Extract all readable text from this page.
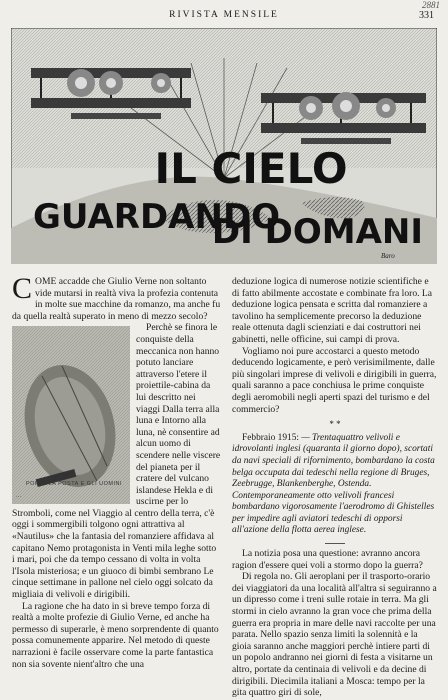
RIVISTA MENSILE	331
2881
IL CIELO
GUARDANDO
DI DOMANI
Baro

C OME accadde che Giulio Verne non soltanto vide mutarsi in realtà viva la profezia contenuta in molte sue macchine da romanzo, ma anche fu da quella realtà superato in meno di mezzo secolo?

PORTA LA POSTA E GLI UOMINI ...
Perchè se finora le conquiste della meccanica non hanno potuto lanciare attraverso l'etere il proiettile-cabina da lui descritto nei viaggi Dalla terra alla luna e Intorno alla luna, nè consentire ad alcun uomo di scendere nelle viscere del pianeta per il cratere del vulcano islandese Hekla e di uscirne per lo Stromboli, come nel Viaggio al centro della terra, c'è oggi i sommergibili tolgono ogni attrattiva al «Nautilus» che la fantasia del romanziere affidava al capitano Nemo protagonista in Venti mila leghe sotto i mari, poi che da tempo cessano di volta in volta l'Isola misteriosa; e un giuoco di bimbi sembrano Le cinque settimane in pallone nel cielo oggi solcato da migliaia di velivoli e dirigibili.

La ragione che ha dato in sì breve tempo forza di realtà a molte profezie di Giulio Verne, ed anche ha permesso di superarle, è meno sorprendente di quanto possa comunemente apparire. Nel metodo di queste narrazioni è facile osservare come la parte fantastica non sia sovente nient'altro che una

deduzione logica di numerose notizie scientifiche e di fatto abilmente accostate e combinate fra loro. La deduzione logica pensata e scritta dal romanziere a tavolino ha semplicemente precorso la deduzione reale ottenuta dagli scienziati e dai costruttori nei gabinetti, nelle officine, sui campi di prova.

Vogliamo noi pure accostarci a questo metodo deducendo logicamente, e però verisimilmente, dalle più singolari imprese di velivoli e dirigibili in guerra, quali saranno a pace conchiusa le prime conquiste degli aeromobili negli aperti spazi del turismo e del commercio?

* *

Febbraio 1915: — Trentaquattro velivoli e idrovolanti inglesi (quaranta il giorno dopo), scortati da navi speciali di rifornimento, bombardano la costa belga occupata dai tedeschi nella regione di Bruges, Zeebrugge, Blankenberghe, Ostenda. Contemporaneamente otto velivoli francesi bombardano vigorosamente l'aerodromo di Ghistelles per impedire agli aviatori tedeschi di opporsi all'azione della flotta aerea inglese.

La notizia posa una questione: avranno ancora ragion d'essere quei voli a stormo dopo la guerra?

Di regola no. Gli aeroplani per il trasporto-orario dei viaggiatori da una località all'altra si seguiranno a un dipresso come i treni sulle rotaie in terra. Ma gli stormi in cielo avranno la gran voce che prima della guerra era propria in mare delle navi raccolte per una parata. Nello spazio senza limiti la solennità e la gioia saranno anche maggiori perchè intiere parti di un popolo andranno nei giorni di festa a visitarne un altro, portate da centinaia di velivoli e da decine di dirigibili. Diecimila italiani a Mosca: tempo per la gita quattro giri di sole,
